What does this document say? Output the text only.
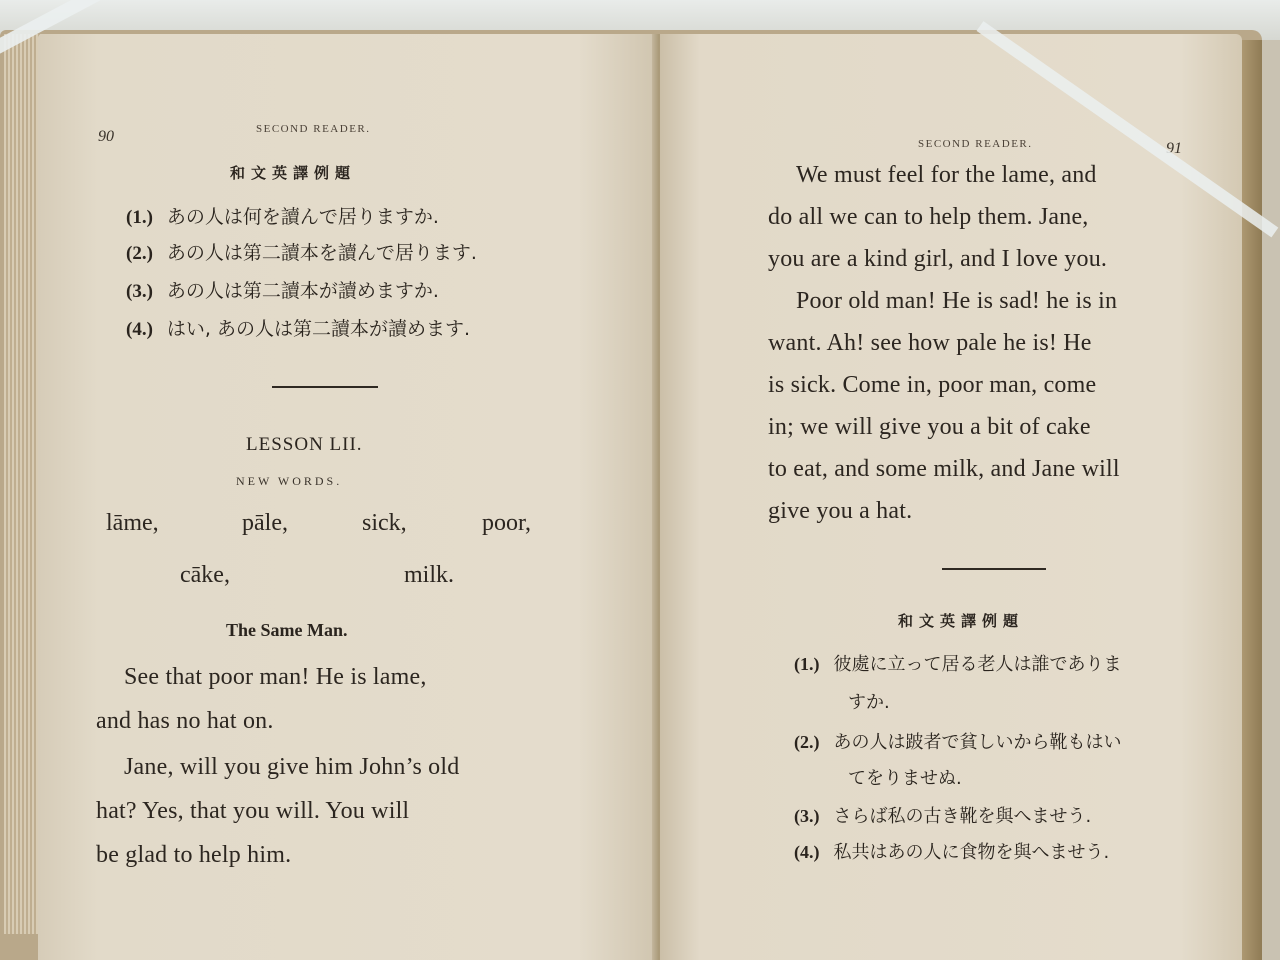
90	SECOND READER.
和文英譯例題
(1.) あの人は何を讀んで居りますか.
(2.) あの人は第二讀本を讀んで居ります.
(3.) あの人は第二讀本が讀めますか.
(4.) はい, あの人は第二讀本が讀めます.
LESSON LII.
NEW WORDS.
lāme,	pāle,	sick,	poor,
cāke,	milk.
The Same Man.
See that poor man! He is lame,
and has no hat on.
Jane, will you give him John’s old
hat? Yes, that you will. You will
be glad to help him.
SECOND READER.	91
We must feel for the lame, and
do all we can to help them. Jane,
you are a kind girl, and I love you.
Poor old man! He is sad! he is in
want. Ah! see how pale he is! He
is sick. Come in, poor man, come
in; we will give you a bit of cake
to eat, and some milk, and Jane will
give you a hat.
和文英譯例題
(1.) 彼處に立って居る老人は誰でありま
すか.
(2.) あの人は跛者で貧しいから靴もはい
てをりませぬ.
(3.) さらば私の古き靴を與へませう.
(4.) 私共はあの人に食物を與へませう.
